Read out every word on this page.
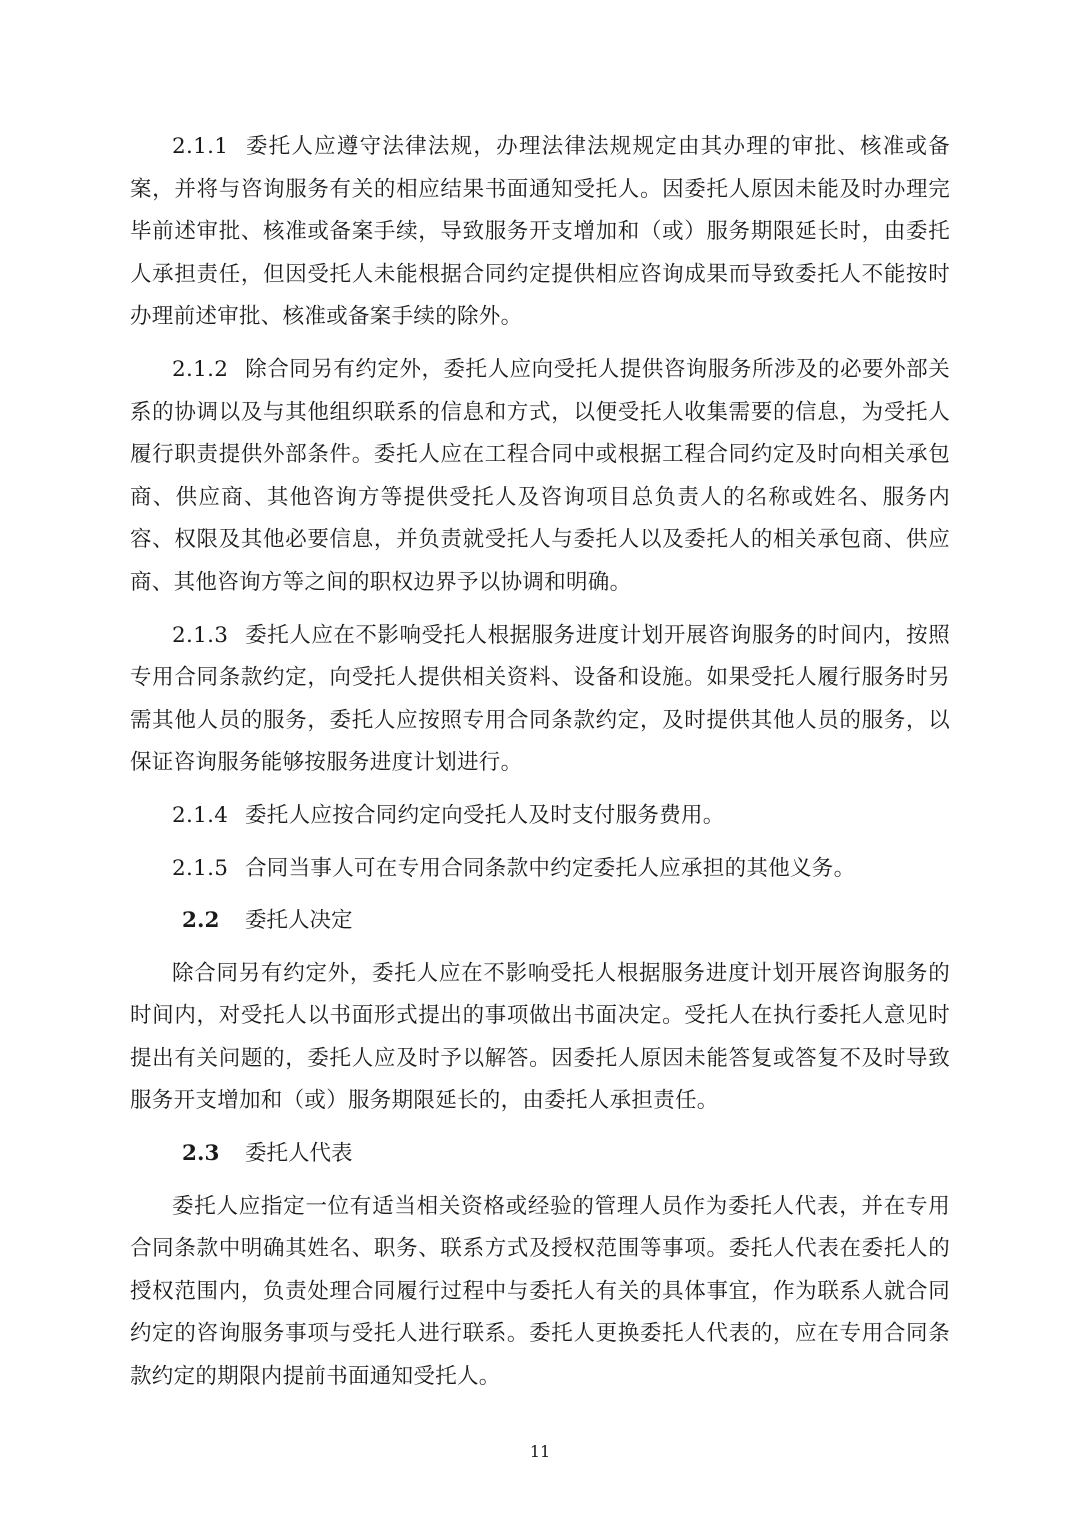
2.1.1 委托人应遵守法律法规，办理法律法规规定由其办理的审批、核准或备案，并将与咨询服务有关的相应结果书面通知受托人。因委托人原因未能及时办理完毕前述审批、核准或备案手续，导致服务开支增加和（或）服务期限延长时，由委托人承担责任，但因受托人未能根据合同约定提供相应咨询成果而导致委托人不能按时办理前述审批、核准或备案手续的除外。

2.1.2 除合同另有约定外，委托人应向受托人提供咨询服务所涉及的必要外部关系的协调以及与其他组织联系的信息和方式，以便受托人收集需要的信息，为受托人履行职责提供外部条件。委托人应在工程合同中或根据工程合同约定及时向相关承包商、供应商、其他咨询方等提供受托人及咨询项目总负责人的名称或姓名、服务内容、权限及其他必要信息，并负责就受托人与委托人以及委托人的相关承包商、供应商、其他咨询方等之间的职权边界予以协调和明确。

2.1.3 委托人应在不影响受托人根据服务进度计划开展咨询服务的时间内，按照专用合同条款约定，向受托人提供相关资料、设备和设施。如果受托人履行服务时另需其他人员的服务，委托人应按照专用合同条款约定，及时提供其他人员的服务，以保证咨询服务能够按服务进度计划进行。

2.1.4 委托人应按合同约定向受托人及时支付服务费用。

2.1.5 合同当事人可在专用合同条款中约定委托人应承担的其他义务。

2.2 委托人决定

除合同另有约定外，委托人应在不影响受托人根据服务进度计划开展咨询服务的时间内，对受托人以书面形式提出的事项做出书面决定。受托人在执行委托人意见时提出有关问题的，委托人应及时予以解答。因委托人原因未能答复或答复不及时导致服务开支增加和（或）服务期限延长的，由委托人承担责任。

2.3 委托人代表

委托人应指定一位有适当相关资格或经验的管理人员作为委托人代表，并在专用合同条款中明确其姓名、职务、联系方式及授权范围等事项。委托人代表在委托人的授权范围内，负责处理合同履行过程中与委托人有关的具体事宜，作为联系人就合同约定的咨询服务事项与受托人进行联系。委托人更换委托人代表的，应在专用合同条款约定的期限内提前书面通知受托人。

11
